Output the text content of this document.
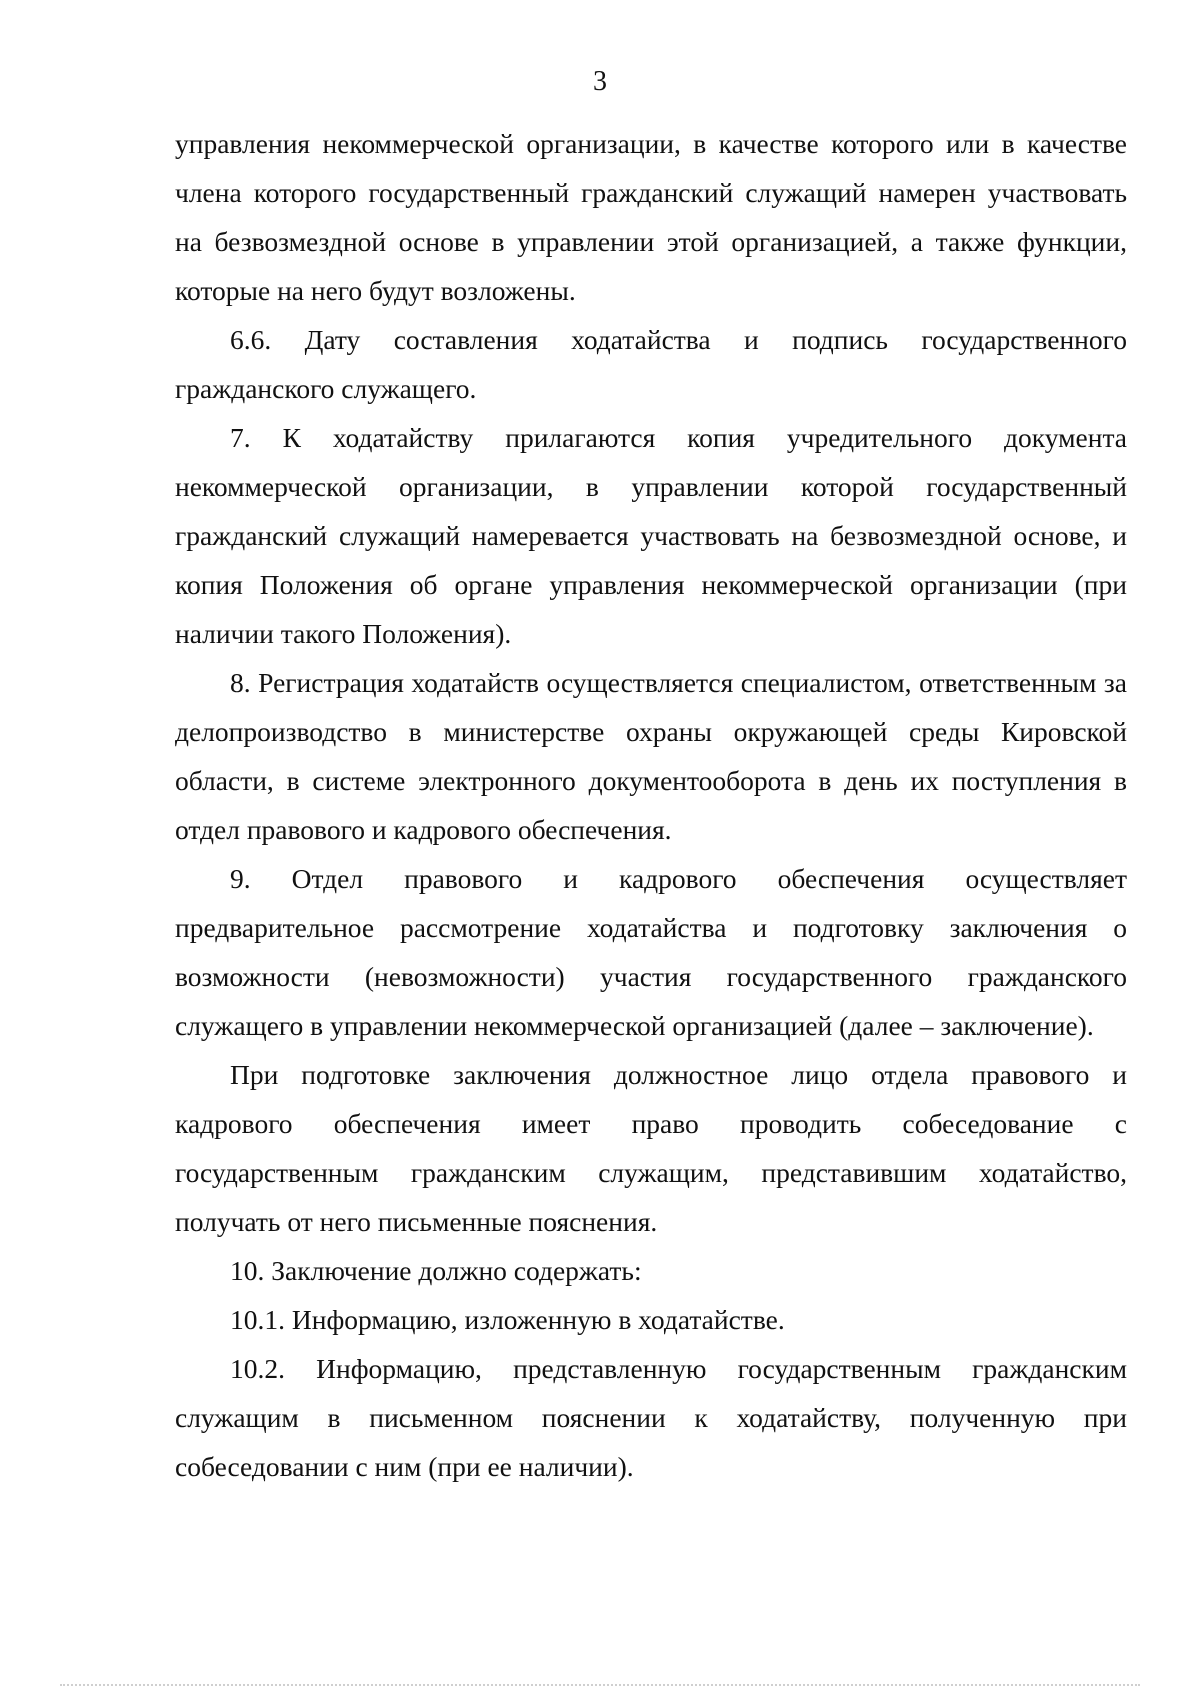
3

управления некоммерческой организации, в качестве которого или в качестве члена которого государственный гражданский служащий намерен участвовать на безвозмездной основе в управлении этой организацией, а также функции, которые на него будут возложены.

6.6. Дату составления ходатайства и подпись государственного гражданского служащего.

7. К ходатайству прилагаются копия учредительного документа некоммерческой организации, в управлении которой государственный гражданский служащий намеревается участвовать на безвозмездной основе, и копия Положения об органе управления некоммерческой организации (при наличии такого Положения).

8. Регистрация ходатайств осуществляется специалистом, ответственным за делопроизводство в министерстве охраны окружающей среды Кировской области, в системе электронного документооборота в день их поступления в отдел правового и кадрового обеспечения.

9. Отдел правового и кадрового обеспечения осуществляет предварительное рассмотрение ходатайства и подготовку заключения о возможности (невозможности) участия государственного гражданского служащего в управлении некоммерческой организацией (далее – заключение).

При подготовке заключения должностное лицо отдела правового и кадрового обеспечения имеет право проводить собеседование с государственным гражданским служащим, представившим ходатайство, получать от него письменные пояснения.

10. Заключение должно содержать:

10.1. Информацию, изложенную в ходатайстве.

10.2. Информацию, представленную государственным гражданским служащим в письменном пояснении к ходатайству, полученную при собеседовании с ним (при ее наличии).
